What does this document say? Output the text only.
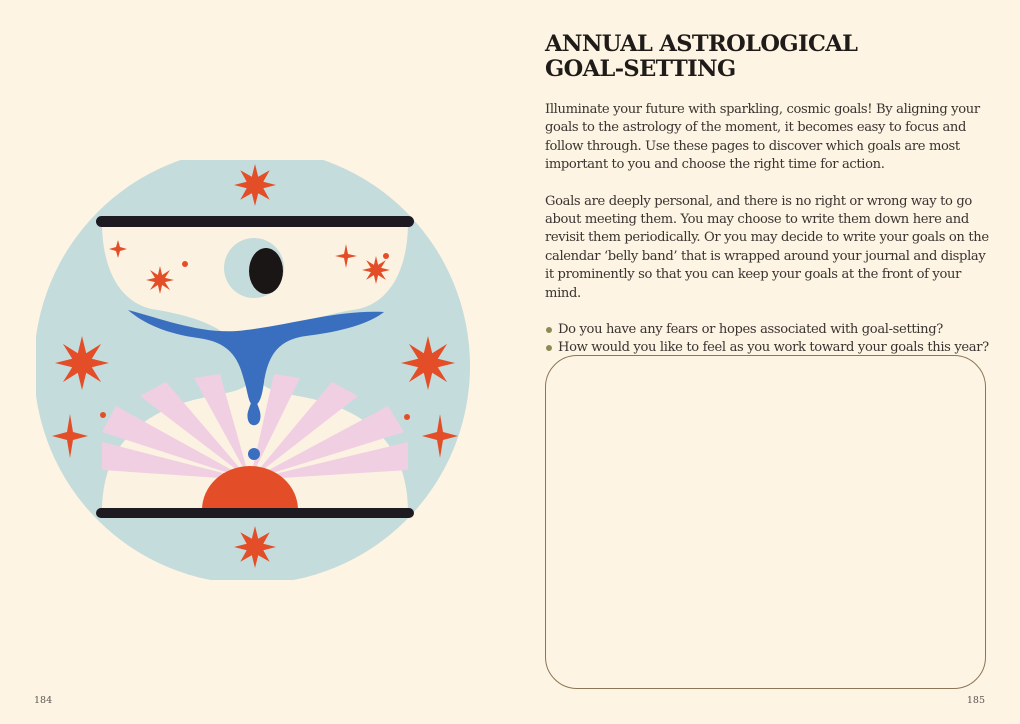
ANNUAL ASTROLOGICAL
GOAL-SETTING

Illuminate your future with sparkling, cosmic goals! By aligning your goals to the astrology of the moment, it becomes easy to focus and follow through. Use these pages to discover which goals are most important to you and choose the right time for action.

Goals are deeply personal, and there is no right or wrong way to go about meeting them. You may choose to write them down here and revisit them periodically. Or you may decide to write your goals on the calendar ‘belly band’ that is wrapped around your journal and display it prominently so that you can keep your goals at the front of your mind.

Do you have any fears or hopes associated with goal-setting?
How would you like to feel as you work toward your goals this year?
184	185
